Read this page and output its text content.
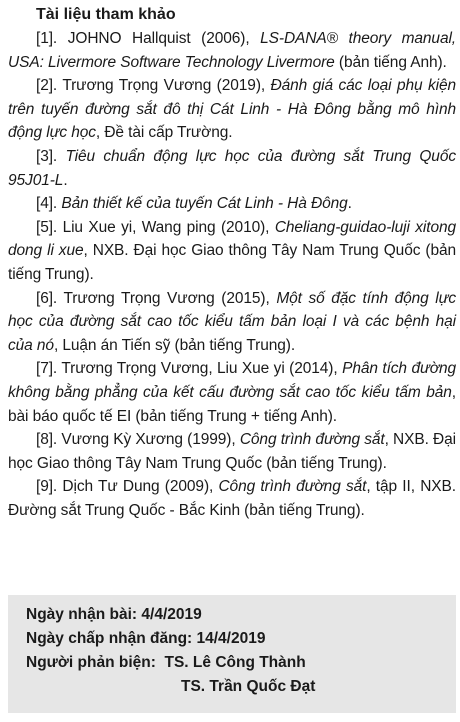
Tài liệu tham khảo

[1]. JOHNO Hallquist (2006), LS-DANA® theory manual, USA: Livermore Software Technology Livermore (bản tiếng Anh).

[2]. Trương Trọng Vương (2019), Đánh giá các loại phụ kiện trên tuyến đường sắt đô thị Cát Linh - Hà Đông bằng mô hình động lực học, Đề tài cấp Trường.

[3]. Tiêu chuẩn động lực học của đường sắt Trung Quốc 95J01-L.

[4]. Bản thiết kế của tuyến Cát Linh - Hà Đông.

[5]. Liu Xue yi, Wang ping (2010), Cheliang-guidao-luji xitong dong li xue, NXB. Đại học Giao thông Tây Nam Trung Quốc (bản tiếng Trung).

[6]. Trương Trọng Vương (2015), Một số đặc tính động lực học của đường sắt cao tốc kiểu tấm bản loại I và các bệnh hại của nó, Luận án Tiến sỹ (bản tiếng Trung).

[7]. Trương Trọng Vương, Liu Xue yi (2014), Phân tích đường không bằng phẳng của kết cấu đường sắt cao tốc kiểu tấm bản, bài báo quốc tế EI (bản tiếng Trung + tiếng Anh).

[8]. Vương Kỳ Xương (1999), Công trình đường sắt, NXB. Đại học Giao thông Tây Nam Trung Quốc (bản tiếng Trung).

[9]. Dịch Tư Dung (2009), Công trình đường sắt, tập II, NXB. Đường sắt Trung Quốc - Bắc Kinh (bản tiếng Trung).

Ngày nhận bài: 4/4/2019
Ngày chấp nhận đăng: 14/4/2019
Người phản biện: TS. Lê Công Thành
TS. Trần Quốc Đạt
